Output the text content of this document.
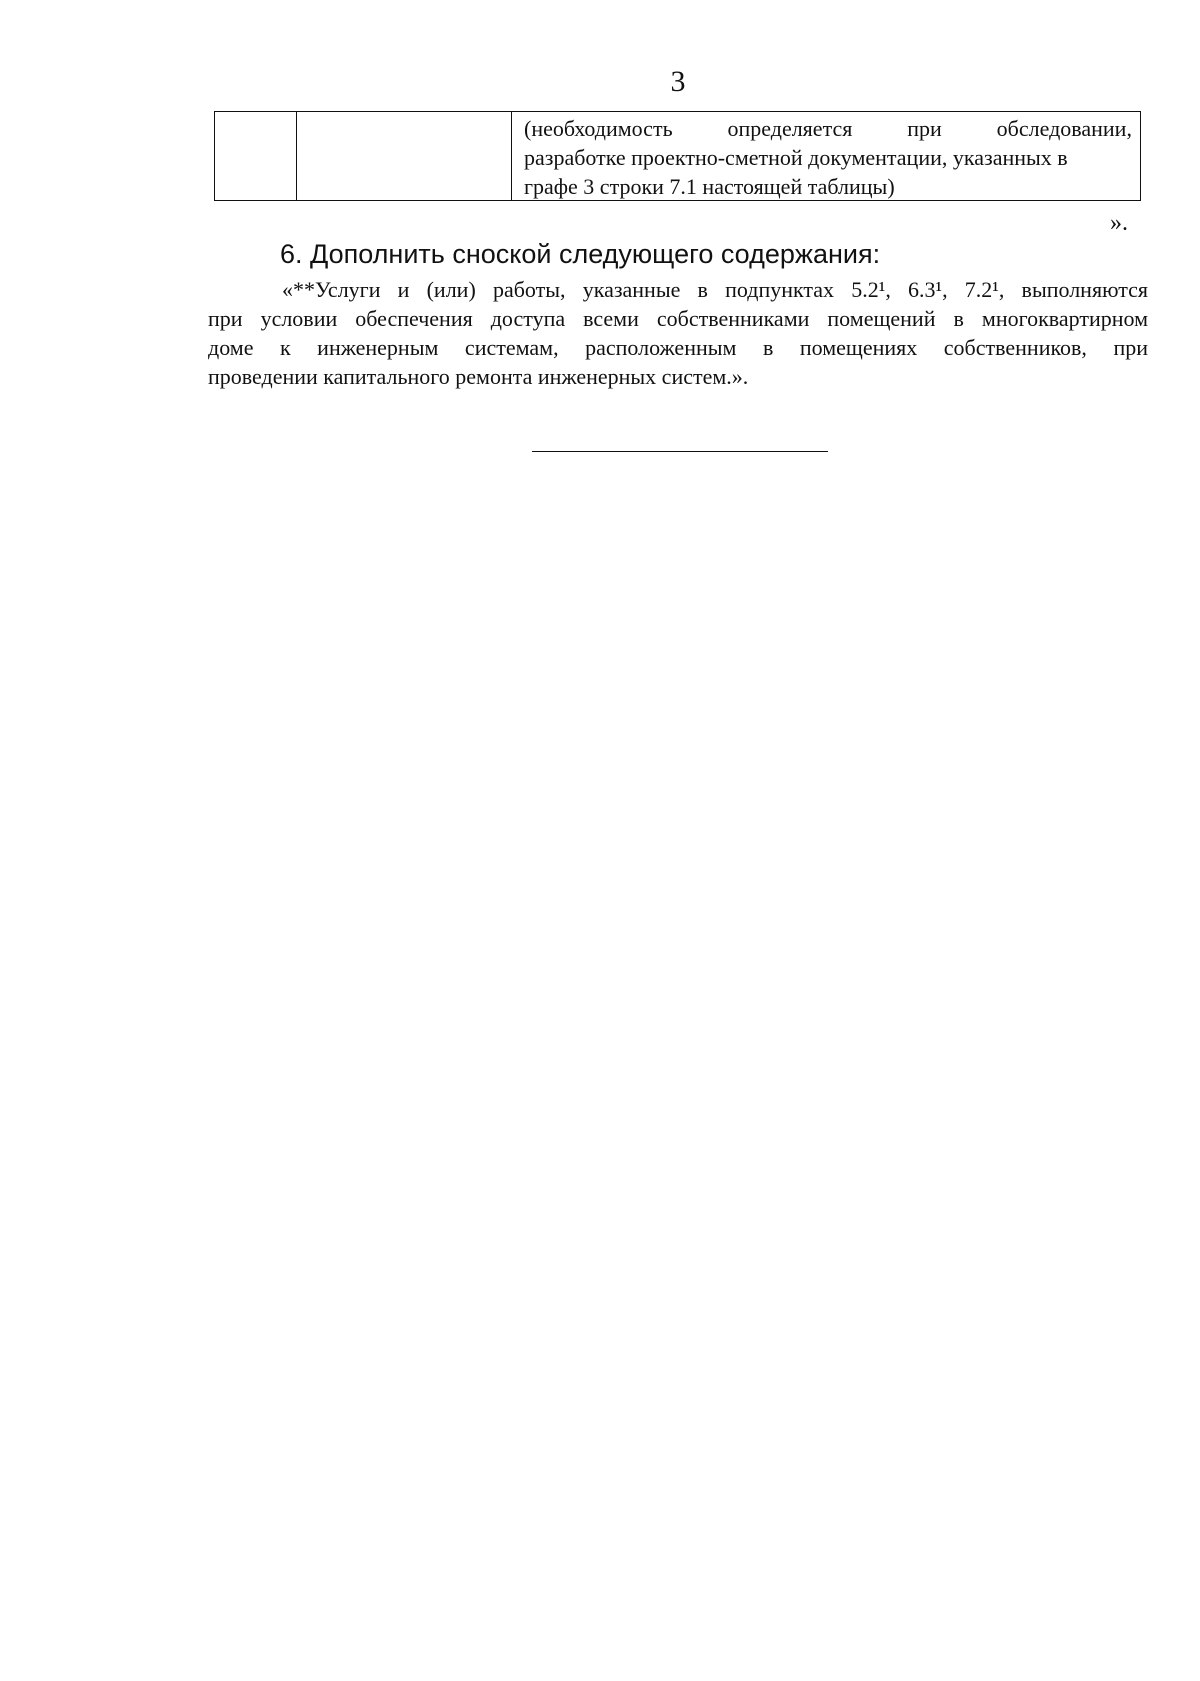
3

(необходимость определяется при обследовании,
разработке проектно-сметной документации, указанных в
графе 3 строки 7.1 настоящей таблицы)
».
6. Дополнить сноской следующего содержания:
«**Услуги и (или) работы, указанные в подпунктах 5.2¹, 6.3¹, 7.2¹, выполняются
при условии обеспечения доступа всеми собственниками помещений в многоквартирном
доме к инженерным системам, расположенным в помещениях собственников, при
проведении капитального ремонта инженерных систем.».
